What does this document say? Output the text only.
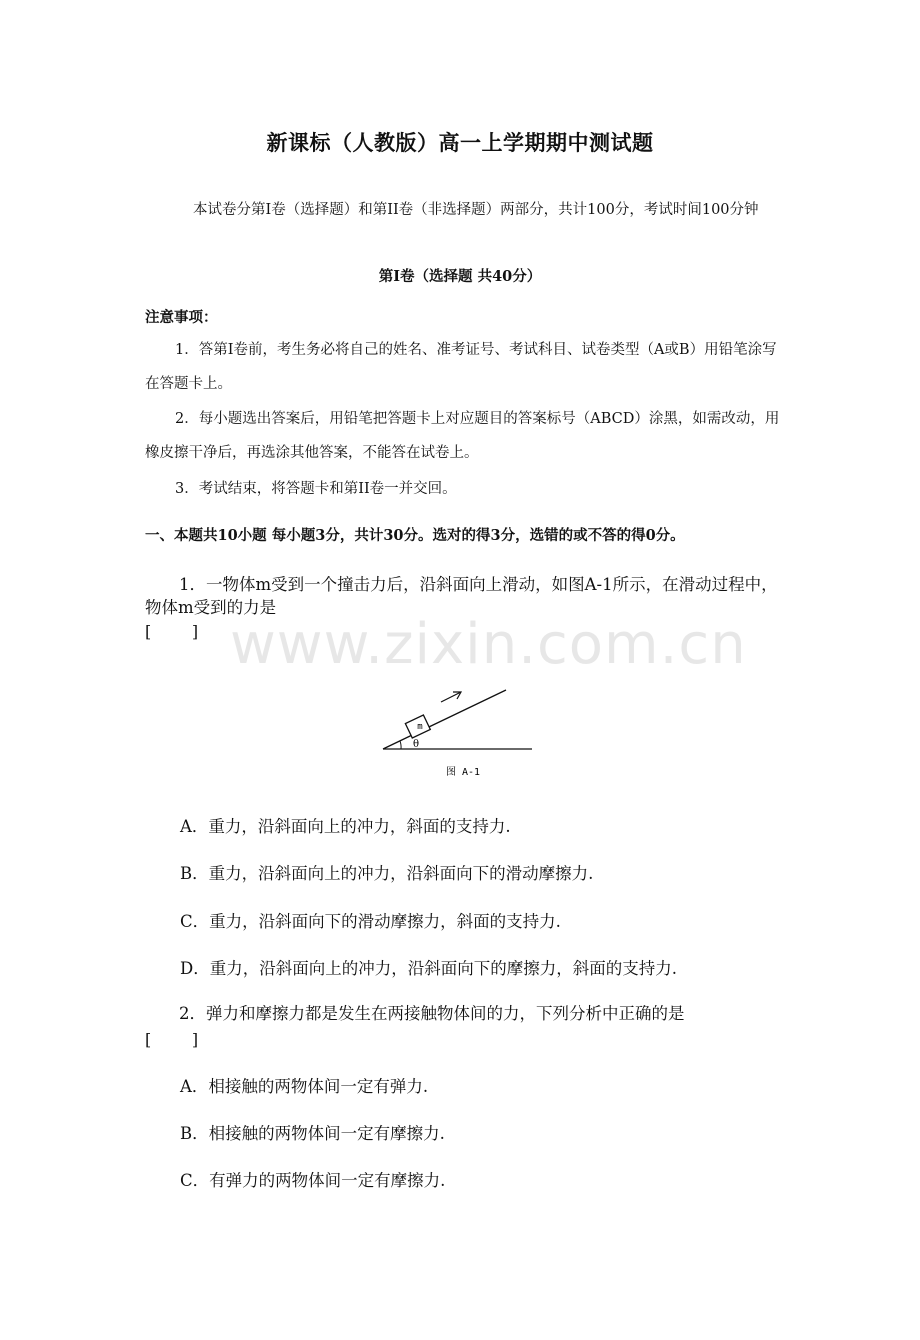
新课标（人教版）高一上学期期中测试题
本试卷分第Ⅰ卷（选择题）和第II卷（非选择题）两部分，共计100分，考试时间100分钟
第Ⅰ卷（选择题 共40分）
注意事项：
1．答第Ⅰ卷前，考生务必将自己的姓名、准考证号、考试科目、试卷类型（A或B）用铅笔涂写在答题卡上。
2．每小题选出答案后，用铅笔把答题卡上对应题目的答案标号（ABCD）涂黑，如需改动，用橡皮擦干净后，再选涂其他答案，不能答在试卷上。
3．考试结束，将答题卡和第II卷一并交回。
一、本题共10小题 每小题3分，共计30分。选对的得3分，选错的或不答的得0分。
1．一物体m受到一个撞击力后，沿斜面向上滑动，如图A-1所示，在滑动过程中，物体m受到的力是
[        ] www.zixin.com.cn
m
θ
图 A-1
A．重力，沿斜面向上的冲力，斜面的支持力.
B．重力，沿斜面向上的冲力，沿斜面向下的滑动摩擦力.
C．重力，沿斜面向下的滑动摩擦力，斜面的支持力.
D．重力，沿斜面向上的冲力，沿斜面向下的摩擦力，斜面的支持力.
2．弹力和摩擦力都是发生在两接触物体间的力，下列分析中正确的是
[        ]
A．相接触的两物体间一定有弹力.
B．相接触的两物体间一定有摩擦力.
C．有弹力的两物体间一定有摩擦力.
